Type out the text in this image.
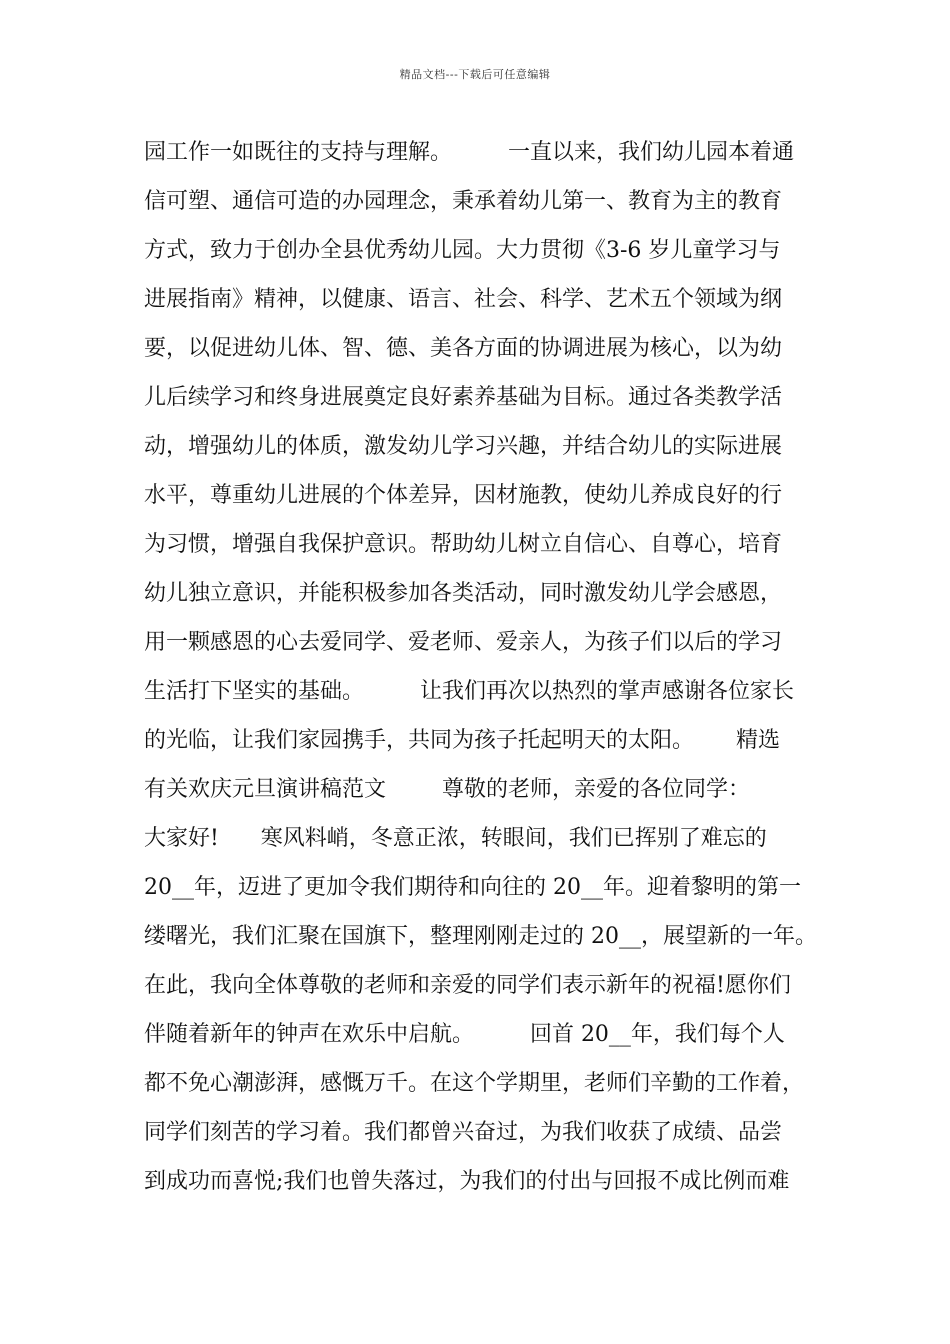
精品文档---下载后可任意编辑
园工作一如既往的支持与理解。        一直以来，我们幼儿园本着通
信可塑、通信可造的办园理念，秉承着幼儿第一、教育为主的教育
方式，致力于创办全县优秀幼儿园。大力贯彻《3-6 岁儿童学习与
进展指南》精神，以健康、语言、社会、科学、艺术五个领域为纲
要，以促进幼儿体、智、德、美各方面的协调进展为核心，以为幼
儿后续学习和终身进展奠定良好素养基础为目标。通过各类教学活
动，增强幼儿的体质，激发幼儿学习兴趣，并结合幼儿的实际进展
水平，尊重幼儿进展的个体差异，因材施教，使幼儿养成良好的行
为习惯，增强自我保护意识。帮助幼儿树立自信心、自尊心，培育
幼儿独立意识，并能积极参加各类活动，同时激发幼儿学会感恩，
用一颗感恩的心去爱同学、爱老师、爱亲人，为孩子们以后的学习
生活打下坚实的基础。        让我们再次以热烈的掌声感谢各位家长
的光临，让我们家园携手，共同为孩子托起明天的太阳。      精选
有关欢庆元旦演讲稿范文        尊敬的老师，亲爱的各位同学：
大家好!      寒风料峭，冬意正浓，转眼间，我们已挥别了难忘的
20__年，迈进了更加令我们期待和向往的 20__年。迎着黎明的第一
缕曙光，我们汇聚在国旗下，整理刚刚走过的 20__，展望新的一年。
在此，我向全体尊敬的老师和亲爱的同学们表示新年的祝福!愿你们
伴随着新年的钟声在欢乐中启航。        回首 20__年，我们每个人
都不免心潮澎湃，感慨万千。在这个学期里，老师们辛勤的工作着，
同学们刻苦的学习着。我们都曾兴奋过，为我们收获了成绩、品尝
到成功而喜悦;我们也曾失落过，为我们的付出与回报不成比例而难
